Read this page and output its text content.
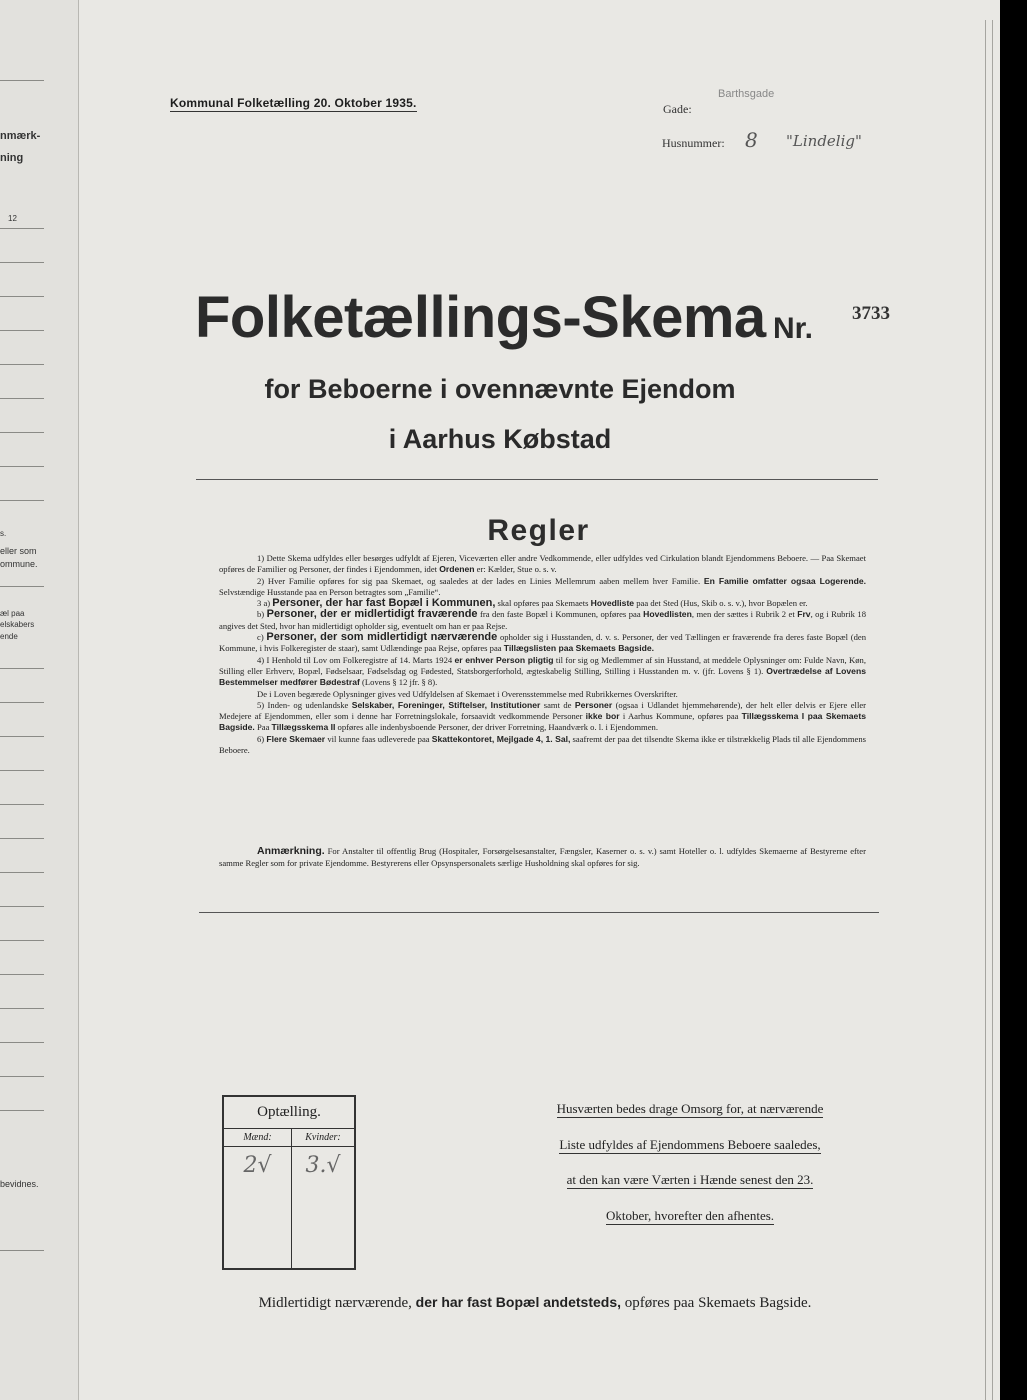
nmærk-
ning
12
s.
eller som
ommune.
æl paa
elskabers
ende
bevidnes.
Kommunal Folketælling 20. Oktober 1935.
Barthsgade
Gade:
Husnummer: 8 "Lindelig"
Folketællings-Skema Nr. 3733
for Beboerne i ovennævnte Ejendom
i Aarhus Købstad
Regler

1) Dette Skema udfyldes eller besørges udfyldt af Ejeren, Viceværten eller andre Vedkommende, eller udfyldes ved Cirkulation blandt Ejendommens Beboere. — Paa Skemaet opføres de Familier og Personer, der findes i Ejendommen, idet Ordenen er: Kælder, Stue o. s. v.

2) Hver Familie opføres for sig paa Skemaet, og saaledes at der lades en Linies Mellemrum aaben mellem hver Familie. En Familie omfatter ogsaa Logerende. Selvstændige Husstande paa en Person betragtes som „Familie“.

3 a) Personer, der har fast Bopæl i Kommunen, skal opføres paa Skemaets Hovedliste paa det Sted (Hus, Skib o. s. v.), hvor Bopælen er.

b) Personer, der er midlertidigt fraværende fra den faste Bopæl i Kommunen, opføres paa Hovedlisten, men der sættes i Rubrik 2 et Frv, og i Rubrik 18 angives det Sted, hvor han midlertidigt opholder sig, eventuelt om han er paa Rejse.

c) Personer, der som midlertidigt nærværende opholder sig i Husstanden, d. v. s. Personer, der ved Tællingen er fraværende fra deres faste Bopæl (den Kommune, i hvis Folkeregister de staar), samt Udlændinge paa Rejse, opføres paa Tillægslisten paa Skemaets Bagside.

4) I Henhold til Lov om Folkeregistre af 14. Marts 1924 er enhver Person pligtig til for sig og Medlemmer af sin Husstand, at meddele Oplysninger om: Fulde Navn, Køn, Stilling eller Erhverv, Bopæl, Fødselsaar, Fødselsdag og Fødested, Statsborgerforhold, ægteskabelig Stilling, Stilling i Husstanden m. v. (jfr. Lovens § 1). Overtrædelse af Lovens Bestemmelser medfører Bødestraf (Lovens § 12 jfr. § 8).

De i Loven begærede Oplysninger gives ved Udfyldelsen af Skemaet i Overensstemmelse med Rubrikkernes Overskrifter.

5) Inden- og udenlandske Selskaber, Foreninger, Stiftelser, Institutioner samt de Personer (ogsaa i Udlandet hjemmehørende), der helt eller delvis er Ejere eller Medejere af Ejendommen, eller som i denne har Forretningslokale, forsaavidt vedkommende Personer ikke bor i Aarhus Kommune, opføres paa Tillægsskema I paa Skemaets Bagside. Paa Tillægsskema II opføres alle indenbysboende Personer, der driver Forretning, Haandværk o. l. i Ejendommen.

6) Flere Skemaer vil kunne faas udleverede paa Skattekontoret, Mejlgade 4, 1. Sal, saafremt der paa det tilsendte Skema ikke er tilstrækkelig Plads til alle Ejendommens Beboere.

Anmærkning. For Anstalter til offentlig Brug (Hospitaler, Forsørgelsesanstalter, Fængsler, Kaserner o. s. v.) samt Hoteller o. l. udfyldes Skemaerne af Bestyrerne efter samme Regler som for private Ejendomme. Bestyrerens eller Opsynspersonalets særlige Husholdning skal opføres for sig.

Optælling.
Mænd:
2√
Kvinder:
3.√
Husværten bedes drage Omsorg for, at nærværende
Liste udfyldes af Ejendommens Beboere saaledes,
at den kan være Værten i Hænde senest den 23.
Oktober, hvorefter den afhentes.
Midlertidigt nærværende, der har fast Bopæl andetsteds, opføres paa Skemaets Bagside.
